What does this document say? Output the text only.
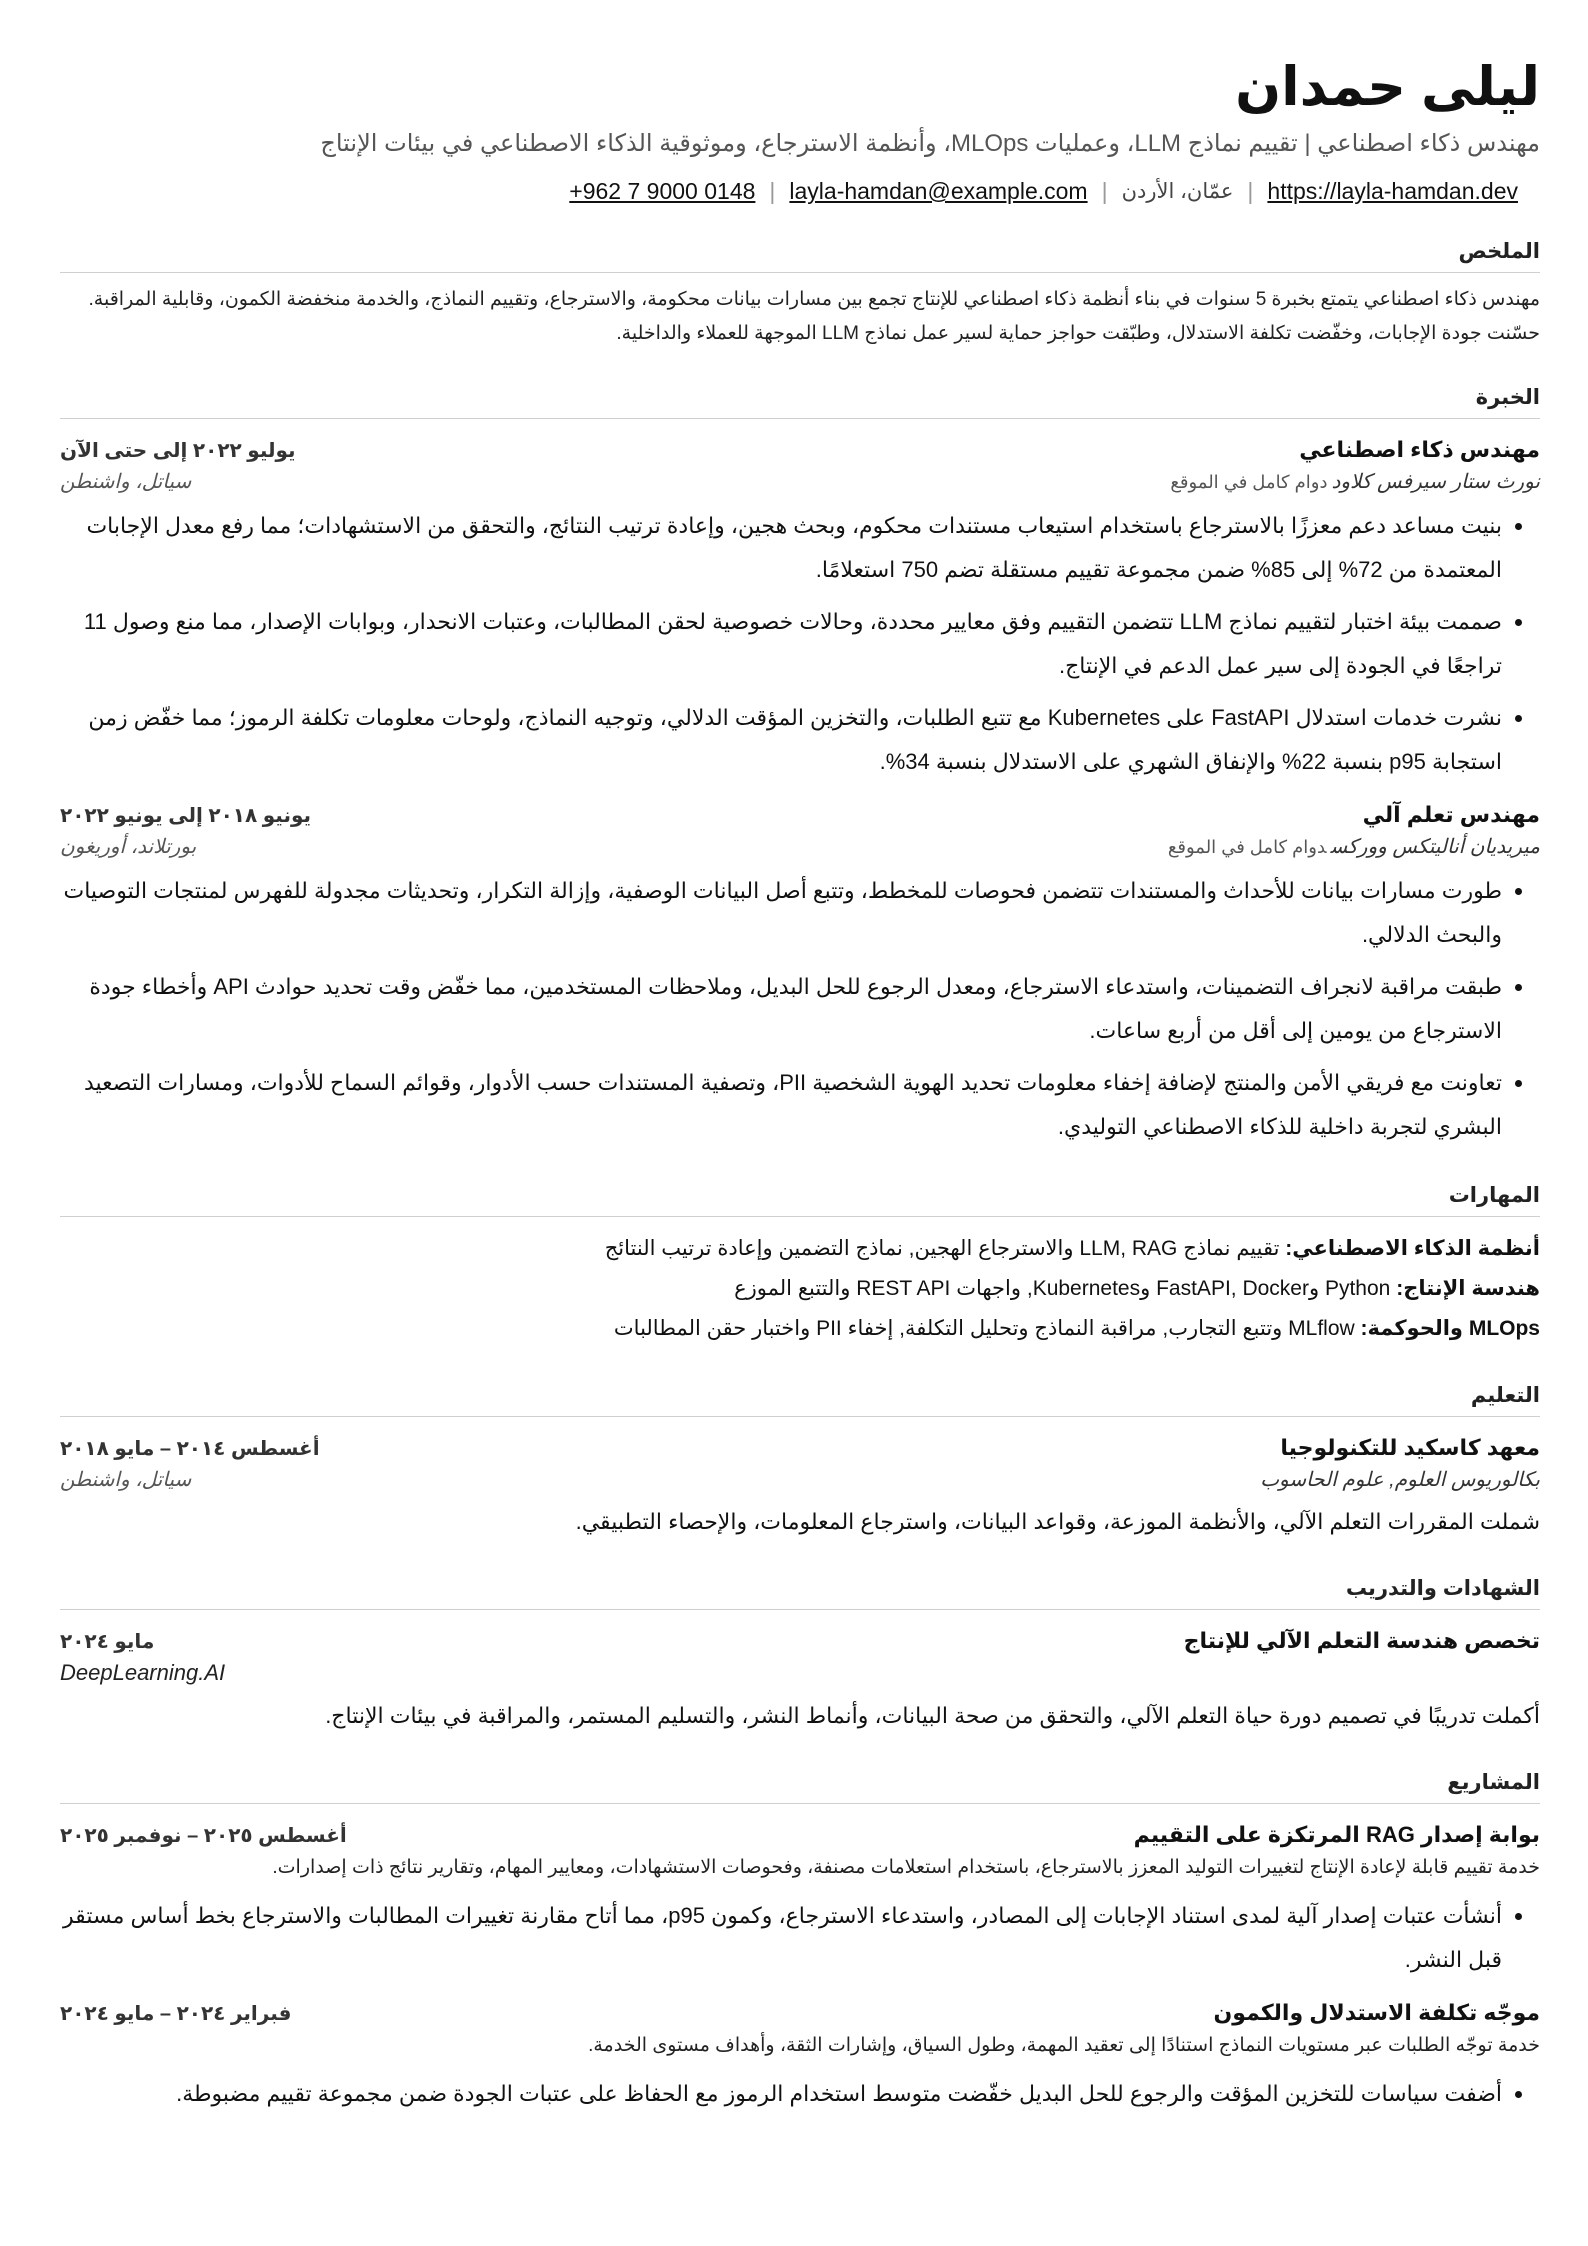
ليلى حمدان
مهندس ذكاء اصطناعي | تقييم نماذج LLM، وعمليات MLOps، وأنظمة الاسترجاع، وموثوقية الذكاء الاصطناعي في بيئات الإنتاج
https://layla-hamdan.dev
|
عمّان، الأردن
|
layla-hamdan@example.com
|
+962 7 9000 0148
الملخص
مهندس ذكاء اصطناعي يتمتع بخبرة 5 سنوات في بناء أنظمة ذكاء اصطناعي للإنتاج تجمع بين مسارات بيانات محكومة، والاسترجاع، وتقييم النماذج، والخدمة منخفضة الكمون، وقابلية المراقبة. حسّنت جودة الإجابات، وخفّضت تكلفة الاستدلال، وطبّقت حواجز حماية لسير عمل نماذج LLM الموجهة للعملاء والداخلية.
الخبرة
مهندس ذكاء اصطناعي
يوليو ٢٠٢٢ إلى حتى الآن
نورث ستار سيرفس كلاوددوام كامل في الموقع
سياتل، واشنطن
• بنيت مساعد دعم معززًا بالاسترجاع باستخدام استيعاب مستندات محكوم، وبحث هجين، وإعادة ترتيب النتائج، والتحقق من الاستشهادات؛ مما رفع معدل الإجابات المعتمدة من 72% إلى 85% ضمن مجموعة تقييم مستقلة تضم 750 استعلامًا.
• صممت بيئة اختبار لتقييم نماذج LLM تتضمن التقييم وفق معايير محددة، وحالات خصوصية لحقن المطالبات، وعتبات الانحدار، وبوابات الإصدار، مما منع وصول 11 تراجعًا في الجودة إلى سير عمل الدعم في الإنتاج.
• نشرت خدمات استدلال FastAPI على Kubernetes مع تتبع الطلبات، والتخزين المؤقت الدلالي، وتوجيه النماذج، ولوحات معلومات تكلفة الرموز؛ مما خفّض زمن استجابة p95 بنسبة 22% والإنفاق الشهري على الاستدلال بنسبة 34%.
مهندس تعلم آلي
يونيو ٢٠١٨ إلى يونيو ٢٠٢٢
ميريديان أناليتكس ووركسدوام كامل في الموقع
بورتلاند، أوريغون
• طورت مسارات بيانات للأحداث والمستندات تتضمن فحوصات للمخطط، وتتبع أصل البيانات الوصفية، وإزالة التكرار، وتحديثات مجدولة للفهرس لمنتجات التوصيات والبحث الدلالي.
• طبقت مراقبة لانجراف التضمينات، واستدعاء الاسترجاع، ومعدل الرجوع للحل البديل، وملاحظات المستخدمين، مما خفّض وقت تحديد حوادث API وأخطاء جودة الاسترجاع من يومين إلى أقل من أربع ساعات.
• تعاونت مع فريقي الأمن والمنتج لإضافة إخفاء معلومات تحديد الهوية الشخصية PII، وتصفية المستندات حسب الأدوار، وقوائم السماح للأدوات، ومسارات التصعيد البشري لتجربة داخلية للذكاء الاصطناعي التوليدي.
المهارات
أنظمة الذكاء الاصطناعي: تقييم نماذج LLM, RAG والاسترجاع الهجين, نماذج التضمين وإعادة ترتيب النتائج
هندسة الإنتاج: Python وFastAPI, Docker وKubernetes, واجهات REST API والتتبع الموزع
MLOps والحوكمة: MLflow وتتبع التجارب, مراقبة النماذج وتحليل التكلفة, إخفاء PII واختبار حقن المطالبات
التعليم
معهد كاسكيد للتكنولوجيا
أغسطس ٢٠١٤ – مايو ٢٠١٨
بكالوريوس العلوم, علوم الحاسوب
سياتل، واشنطن
شملت المقررات التعلم الآلي، والأنظمة الموزعة، وقواعد البيانات، واسترجاع المعلومات، والإحصاء التطبيقي.
الشهادات والتدريب
تخصص هندسة التعلم الآلي للإنتاج
مايو ٢٠٢٤
DeepLearning.AI
أكملت تدريبًا في تصميم دورة حياة التعلم الآلي، والتحقق من صحة البيانات، وأنماط النشر، والتسليم المستمر، والمراقبة في بيئات الإنتاج.
المشاريع
بوابة إصدار RAG المرتكزة على التقييم
أغسطس ٢٠٢٥ – نوفمبر ٢٠٢٥
خدمة تقييم قابلة لإعادة الإنتاج لتغييرات التوليد المعزز بالاسترجاع، باستخدام استعلامات مصنفة، وفحوصات الاستشهادات، ومعايير المهام، وتقارير نتائج ذات إصدارات.
• أنشأت عتبات إصدار آلية لمدى استناد الإجابات إلى المصادر، واستدعاء الاسترجاع، وكمون p95، مما أتاح مقارنة تغييرات المطالبات والاسترجاع بخط أساس مستقر قبل النشر.
موجّه تكلفة الاستدلال والكمون
فبراير ٢٠٢٤ – مايو ٢٠٢٤
خدمة توجّه الطلبات عبر مستويات النماذج استنادًا إلى تعقيد المهمة، وطول السياق، وإشارات الثقة، وأهداف مستوى الخدمة.
• أضفت سياسات للتخزين المؤقت والرجوع للحل البديل خفّضت متوسط استخدام الرموز مع الحفاظ على عتبات الجودة ضمن مجموعة تقييم مضبوطة.
